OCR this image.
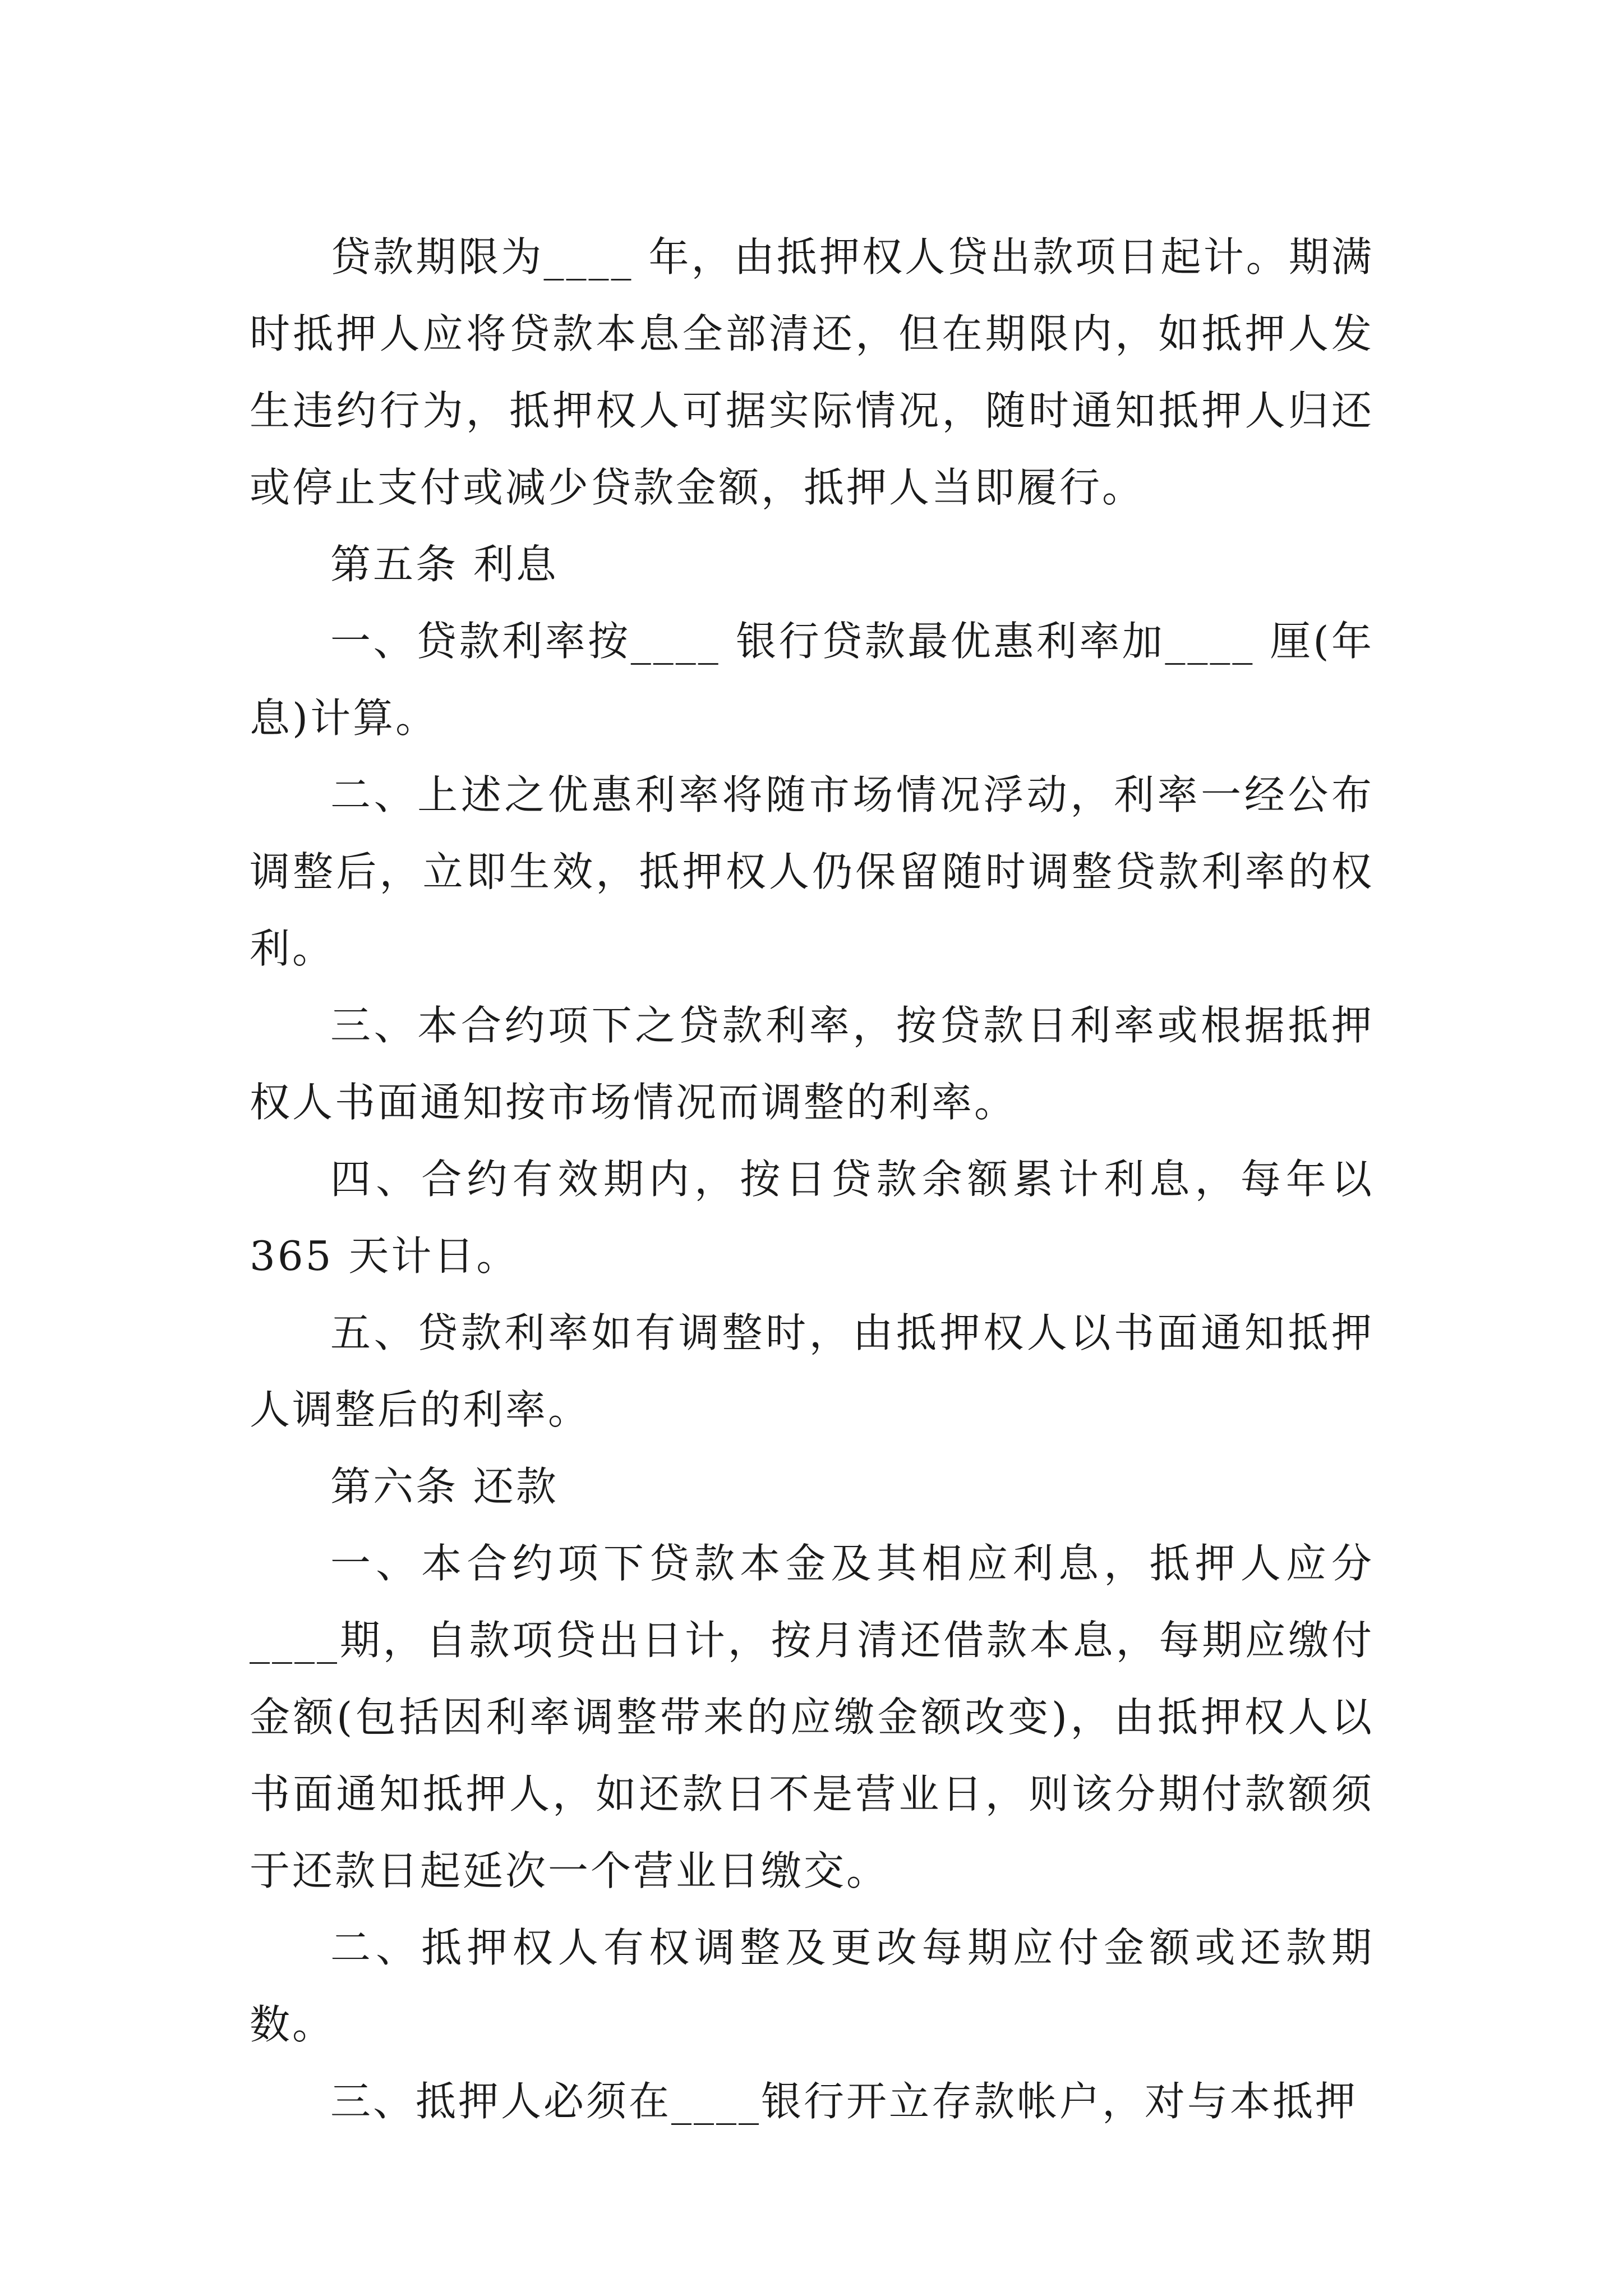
贷款期限为____ 年，由抵押权人贷出款项日起计。期满时抵押人应将贷款本息全部清还，但在期限内，如抵押人发生违约行为，抵押权人可据实际情况，随时通知抵押人归还或停止支付或减少贷款金额，抵押人当即履行。

第五条 利息

一、贷款利率按____ 银行贷款最优惠利率加____ 厘(年息)计算。

二、上述之优惠利率将随市场情况浮动，利率一经公布调整后，立即生效，抵押权人仍保留随时调整贷款利率的权利。

三、本合约项下之贷款利率，按贷款日利率或根据抵押权人书面通知按市场情况而调整的利率。

四、合约有效期内，按日贷款余额累计利息，每年以 365 天计日。

五、贷款利率如有调整时，由抵押权人以书面通知抵押人调整后的利率。

第六条 还款

一、本合约项下贷款本金及其相应利息，抵押人应分____期，自款项贷出日计，按月清还借款本息，每期应缴付金额(包括因利率调整带来的应缴金额改变)，由抵押权人以书面通知抵押人，如还款日不是营业日，则该分期付款额须于还款日起延次一个营业日缴交。

二、抵押权人有权调整及更改每期应付金额或还款期数。

三、抵押人必须在____银行开立存款帐户，对与本抵押
